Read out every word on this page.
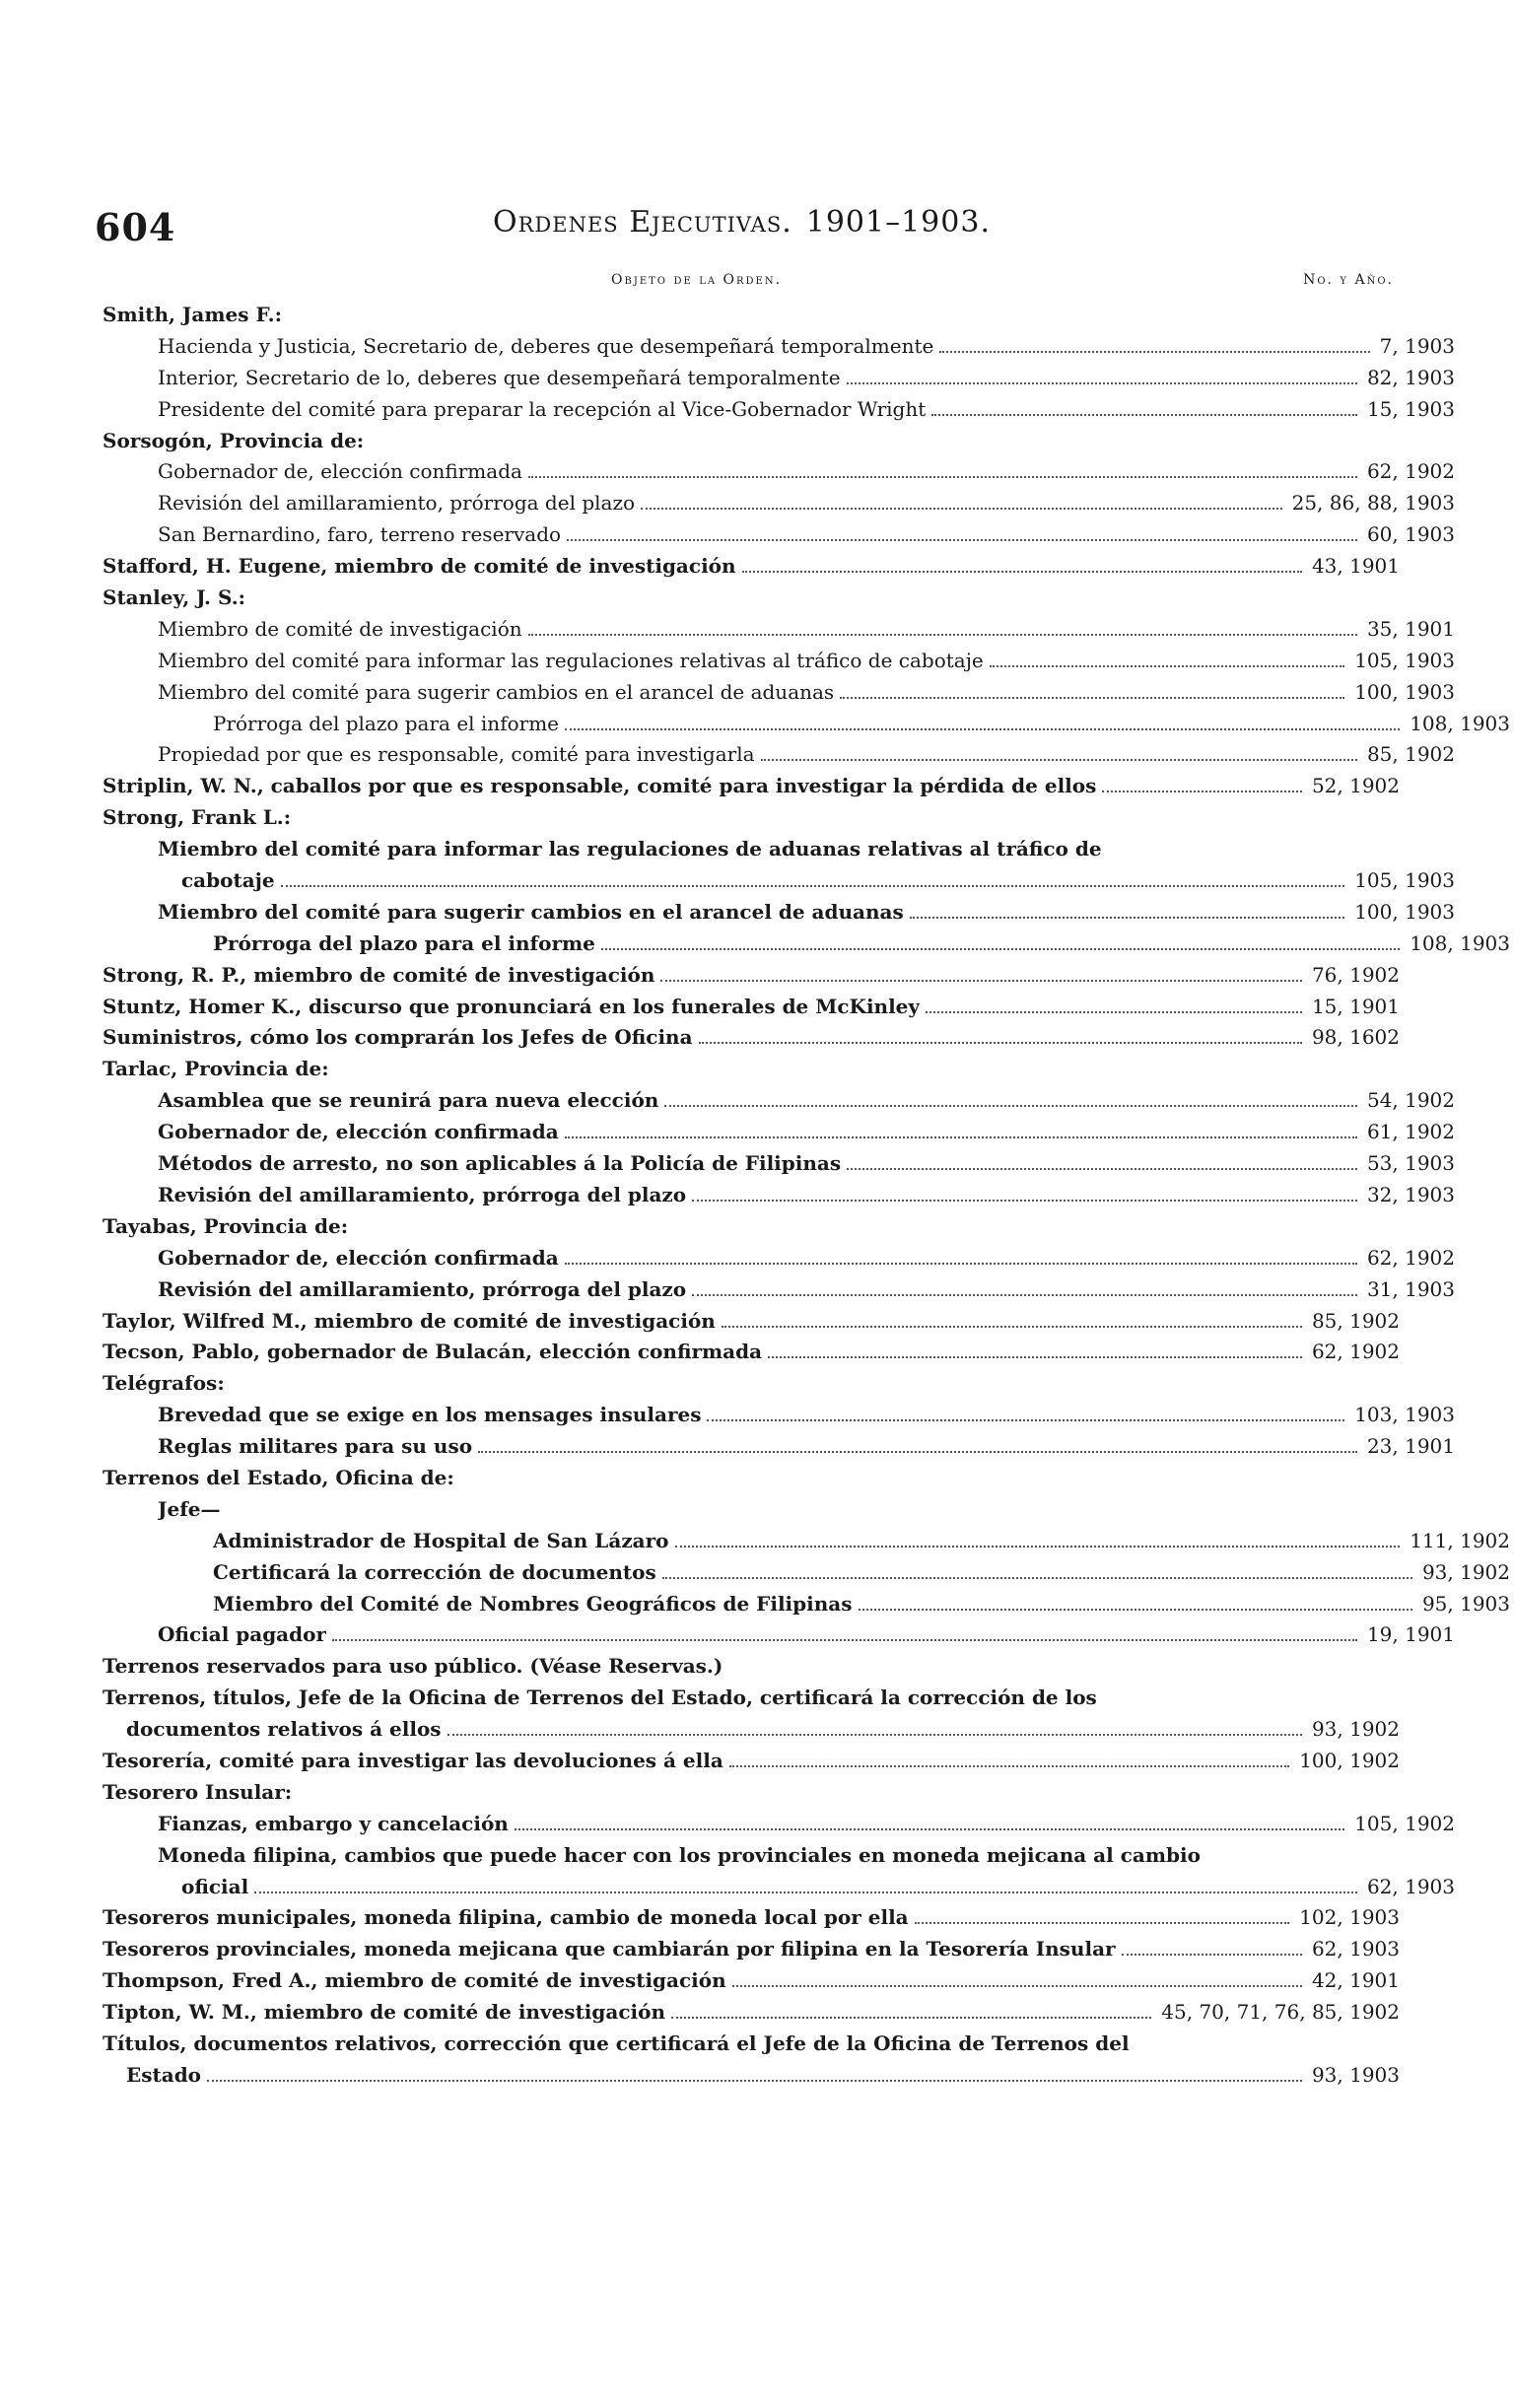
604	Ordenes Ejecutivas. 1901–1903.
Objeto de la Orden.	No. y Año.
Smith, James F.:
Hacienda y Justicia, Secretario de, deberes que desempeñará temporalmente	7, 1903
Interior, Secretario de lo, deberes que desempeñará temporalmente	82, 1903
Presidente del comité para preparar la recepción al Vice-Gobernador Wright	15, 1903
Sorsogón, Provincia de:
Gobernador de, elección confirmada	62, 1902
Revisión del amillaramiento, prórroga del plazo	25, 86, 88, 1903
San Bernardino, faro, terreno reservado	60, 1903
Stafford, H. Eugene, miembro de comité de investigación	43, 1901
Stanley, J. S.:
Miembro de comité de investigación	35, 1901
Miembro del comité para informar las regulaciones relativas al tráfico de cabotaje	105, 1903
Miembro del comité para sugerir cambios en el arancel de aduanas	100, 1903
Prórroga del plazo para el informe	108, 1903
Propiedad por que es responsable, comité para investigarla	85, 1902
Striplin, W. N., caballos por que es responsable, comité para investigar la pérdida de ellos	52, 1902
Strong, Frank L.:
Miembro del comité para informar las regulaciones de aduanas relativas al tráfico de
cabotaje	105, 1903
Miembro del comité para sugerir cambios en el arancel de aduanas	100, 1903
Prórroga del plazo para el informe	108, 1903
Strong, R. P., miembro de comité de investigación	76, 1902
Stuntz, Homer K., discurso que pronunciará en los funerales de McKinley	15, 1901
Suministros, cómo los comprarán los Jefes de Oficina	98, 1602
Tarlac, Provincia de:
Asamblea que se reunirá para nueva elección	54, 1902
Gobernador de, elección confirmada	61, 1902
Métodos de arresto, no son aplicables á la Policía de Filipinas	53, 1903
Revisión del amillaramiento, prórroga del plazo	32, 1903
Tayabas, Provincia de:
Gobernador de, elección confirmada	62, 1902
Revisión del amillaramiento, prórroga del plazo	31, 1903
Taylor, Wilfred M., miembro de comité de investigación	85, 1902
Tecson, Pablo, gobernador de Bulacán, elección confirmada	62, 1902
Telégrafos:
Brevedad que se exige en los mensages insulares	103, 1903
Reglas militares para su uso	23, 1901
Terrenos del Estado, Oficina de:
Jefe—
Administrador de Hospital de San Lázaro	111, 1902
Certificará la corrección de documentos	93, 1902
Miembro del Comité de Nombres Geográficos de Filipinas	95, 1903
Oficial pagador	19, 1901
Terrenos reservados para uso público. (Véase Reservas.)
Terrenos, títulos, Jefe de la Oficina de Terrenos del Estado, certificará la corrección de los
documentos relativos á ellos	93, 1902
Tesorería, comité para investigar las devoluciones á ella	100, 1902
Tesorero Insular:
Fianzas, embargo y cancelación	105, 1902
Moneda filipina, cambios que puede hacer con los provinciales en moneda mejicana al cambio
oficial	62, 1903
Tesoreros municipales, moneda filipina, cambio de moneda local por ella	102, 1903
Tesoreros provinciales, moneda mejicana que cambiarán por filipina en la Tesorería Insular	62, 1903
Thompson, Fred A., miembro de comité de investigación	42, 1901
Tipton, W. M., miembro de comité de investigación	45, 70, 71, 76, 85, 1902
Títulos, documentos relativos, corrección que certificará el Jefe de la Oficina de Terrenos del
Estado	93, 1903
